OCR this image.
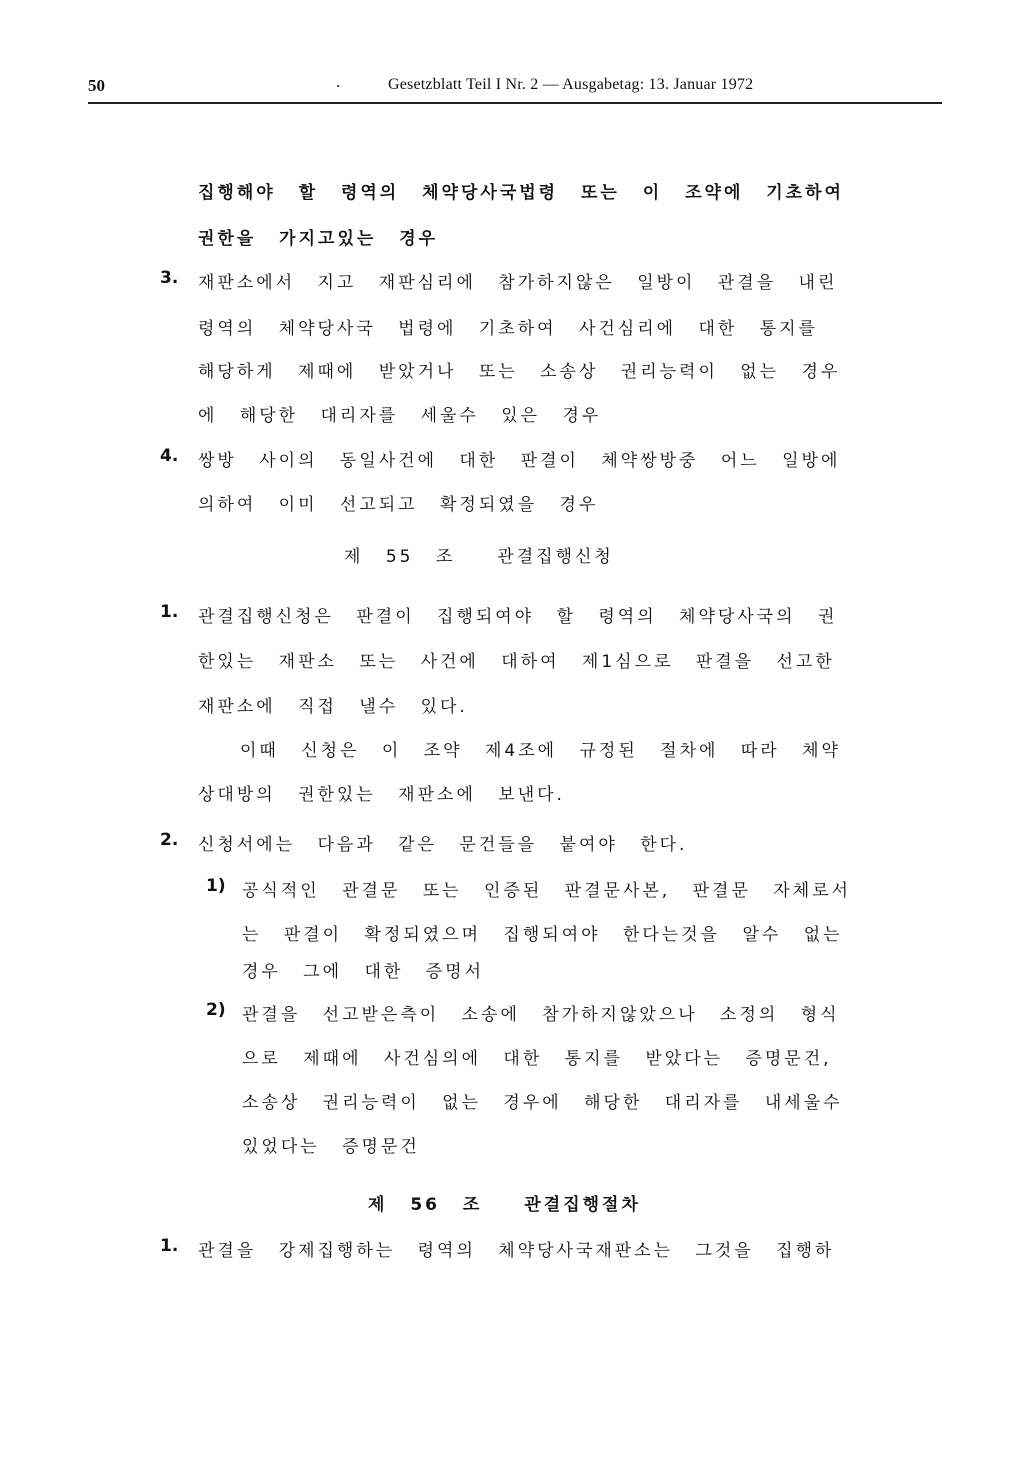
50	.	Gesetzblatt Teil I Nr. 2 — Ausgabetag: 13. Januar 1972
집행해야 할 령역의 체약당사국법령 또는 이 조약에 기초하여
권한을 가지고있는 경우
3. 재판소에서 지고 재판심리에 참가하지않은 일방이 관결을 내린
령역의 체약당사국 법령에 기초하여 사건심리에 대한 통지를
해당하게 제때에 받았거나 또는 소송상 권리능력이 없는 경우
에 해당한 대리자를 세울수 있은 경우
4. 쌍방 사이의 동일사건에 대한 판결이 체약쌍방중 어느 일방에
의하여 이미 선고되고 확정되였을 경우
제 55 조 관결집행신청
1. 관결집행신청은 판결이 집행되여야 할 령역의 체약당사국의 권
한있는 재판소 또는 사건에 대하여 제1심으로 판결을 선고한
재판소에 직접 낼수 있다.
이때 신청은 이 조약 제4조에 규정된 절차에 따라 체약
상대방의 권한있는 재판소에 보낸다.
2. 신청서에는 다음과 같은 문건들을 붙여야 한다.
1) 공식적인 관결문 또는 인증된 판결문사본, 판결문 자체로서
는 판결이 확정되였으며 집행되여야 한다는것을 알수 없는
경우 그에 대한 증명서
2) 관결을 선고받은측이 소송에 참가하지않았으나 소정의 형식
으로 제때에 사건심의에 대한 통지를 받았다는 증명문건,
소송상 권리능력이 없는 경우에 해당한 대리자를 내세울수
있었다는 증명문건
제 56 조 관결집행절차
1. 관결을 강제집행하는 령역의 체약당사국재판소는 그것을 집행하
